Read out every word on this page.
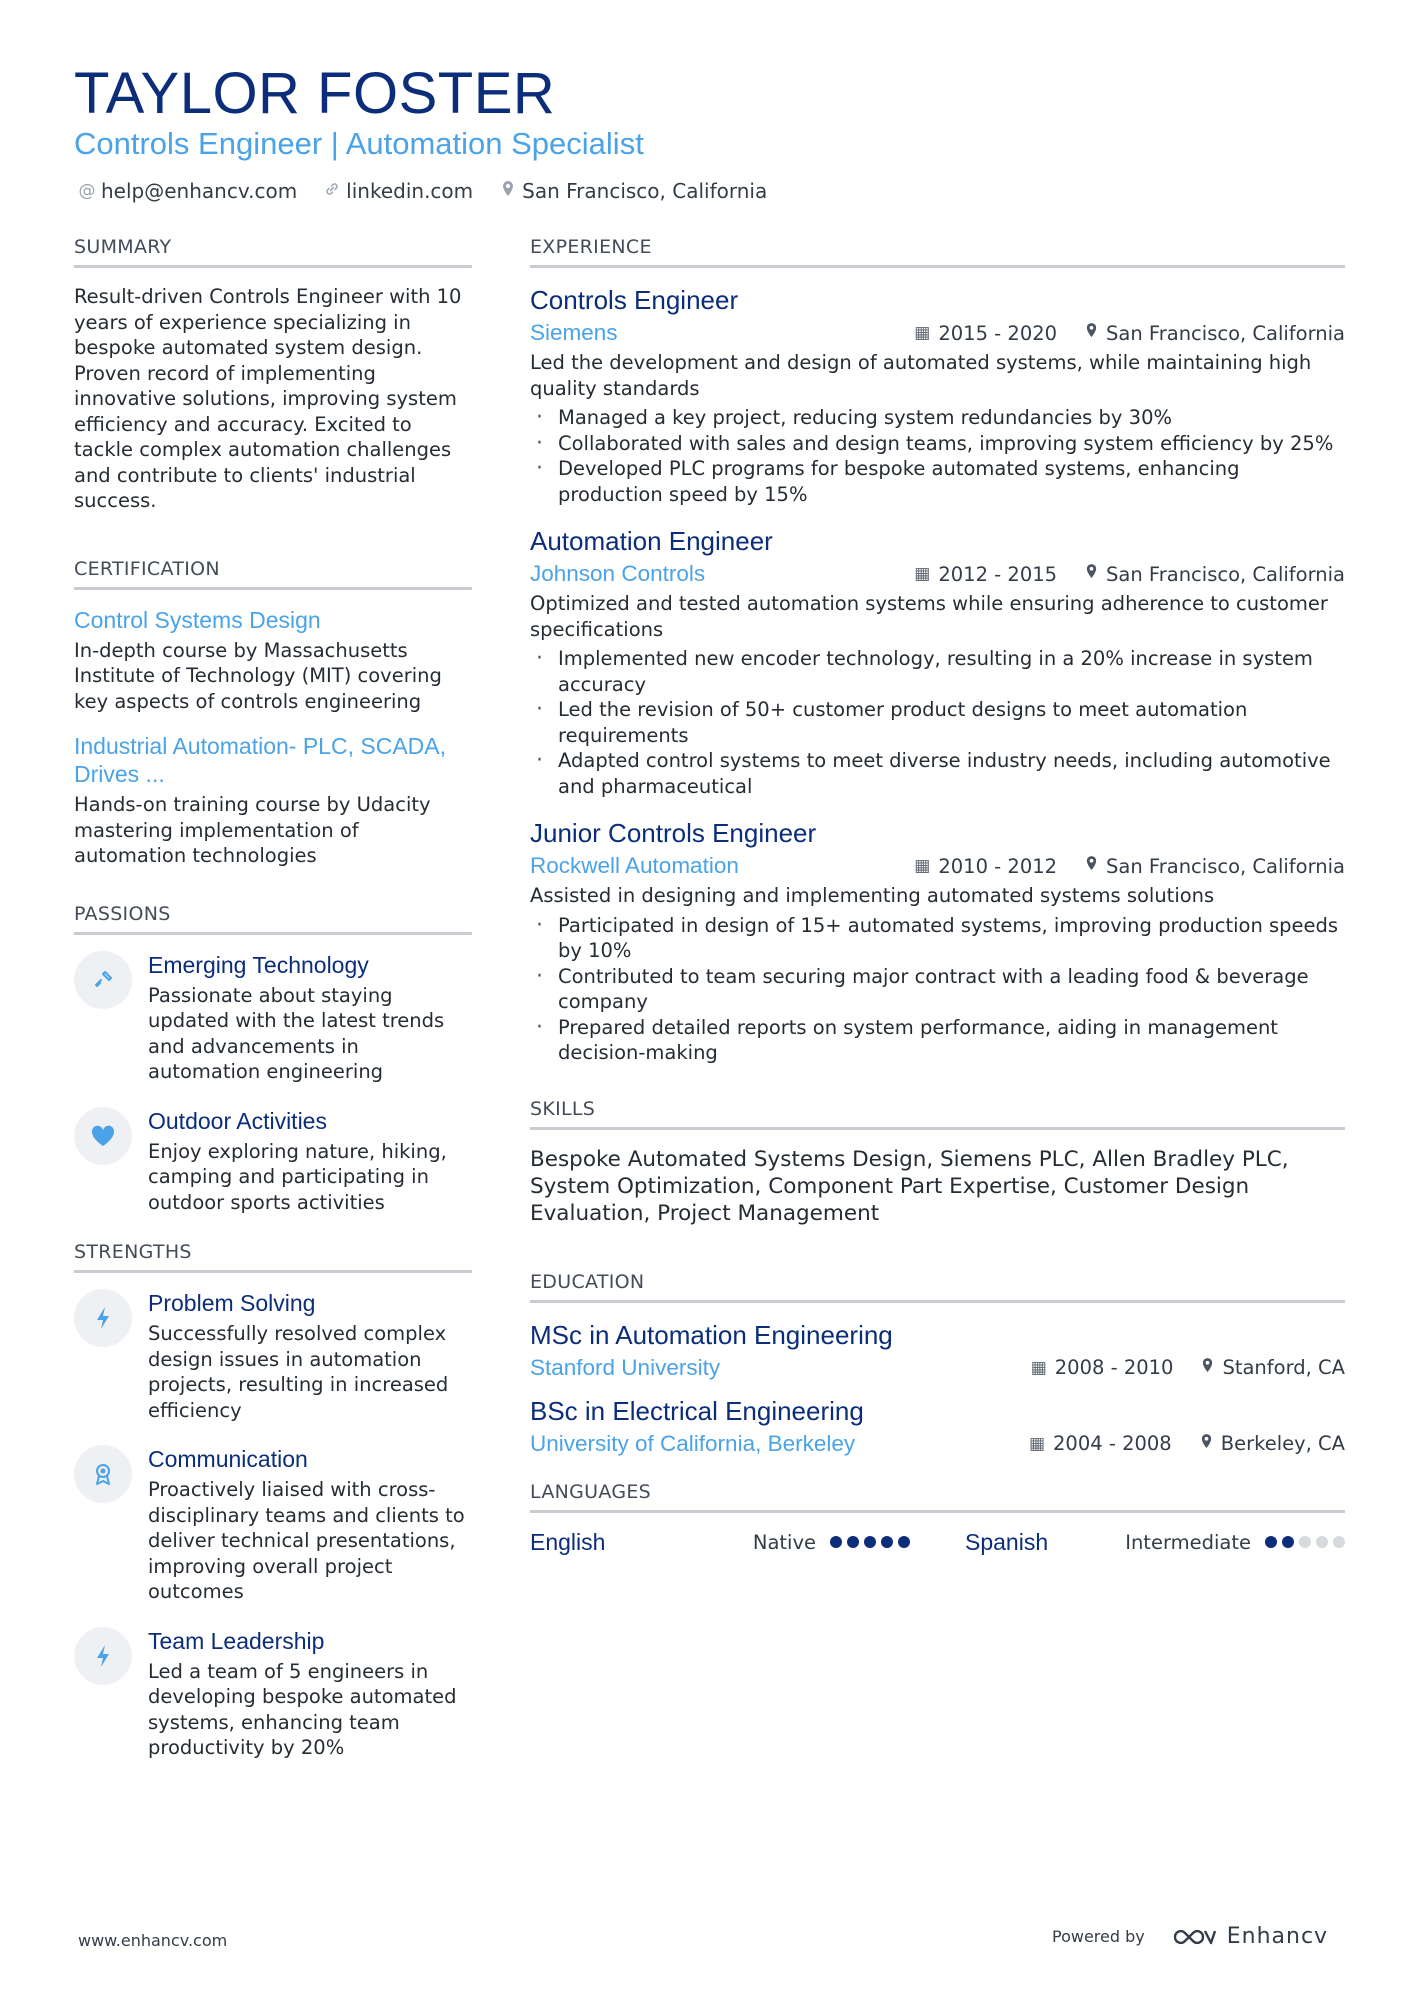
TAYLOR FOSTER
Controls Engineer | Automation Specialist
@ help@enhancv.com linkedin.com San Francisco, California
SUMMARY

Result-driven Controls Engineer with 10 years of experience specializing in bespoke automated system design. Proven record of implementing innovative solutions, improving system efficiency and accuracy. Excited to tackle complex automation challenges and contribute to clients' industrial success.

CERTIFICATION
Control Systems Design

In-depth course by Massachusetts Institute of Technology (MIT) covering key aspects of controls engineering

Industrial Automation- PLC, SCADA, Drives ...

Hands-on training course by Udacity mastering implementation of automation technologies

PASSIONS
Emerging Technology

Passionate about staying updated with the latest trends and advancements in automation engineering

Outdoor Activities

Enjoy exploring nature, hiking, camping and participating in outdoor sports activities

STRENGTHS
Problem Solving

Successfully resolved complex design issues in automation projects, resulting in increased efficiency

Communication

Proactively liaised with cross-disciplinary teams and clients to deliver technical presentations, improving overall project outcomes

Team Leadership

Led a team of 5 engineers in developing bespoke automated systems, enhancing team productivity by 20%

EXPERIENCE
Controls Engineer
Siemens	▦ 2015 - 2020	San Francisco, California

Led the development and design of automated systems, while maintaining high quality standards

· Managed a key project, reducing system redundancies by 30%
· Collaborated with sales and design teams, improving system efficiency by 25%
· Developed PLC programs for bespoke automated systems, enhancing production speed by 15%
Automation Engineer
Johnson Controls	▦ 2012 - 2015	San Francisco, California

Optimized and tested automation systems while ensuring adherence to customer specifications

· Implemented new encoder technology, resulting in a 20% increase in system accuracy
· Led the revision of 50+ customer product designs to meet automation requirements
· Adapted control systems to meet diverse industry needs, including automotive and pharmaceutical
Junior Controls Engineer
Rockwell Automation	▦ 2010 - 2012	San Francisco, California

Assisted in designing and implementing automated systems solutions

· Participated in design of 15+ automated systems, improving production speeds by 10%
· Contributed to team securing major contract with a leading food & beverage company
· Prepared detailed reports on system performance, aiding in management decision-making
SKILLS

Bespoke Automated Systems Design, Siemens PLC, Allen Bradley PLC, System Optimization, Component Part Expertise, Customer Design Evaluation, Project Management

EDUCATION
MSc in Automation Engineering
Stanford University	▦ 2008 - 2010	Stanford, CA
BSc in Electrical Engineering
University of California, Berkeley	▦ 2004 - 2008	Berkeley, CA
LANGUAGES
English	Native	Spanish	Intermediate
www.enhancv.com	Powered by	Enhancv
